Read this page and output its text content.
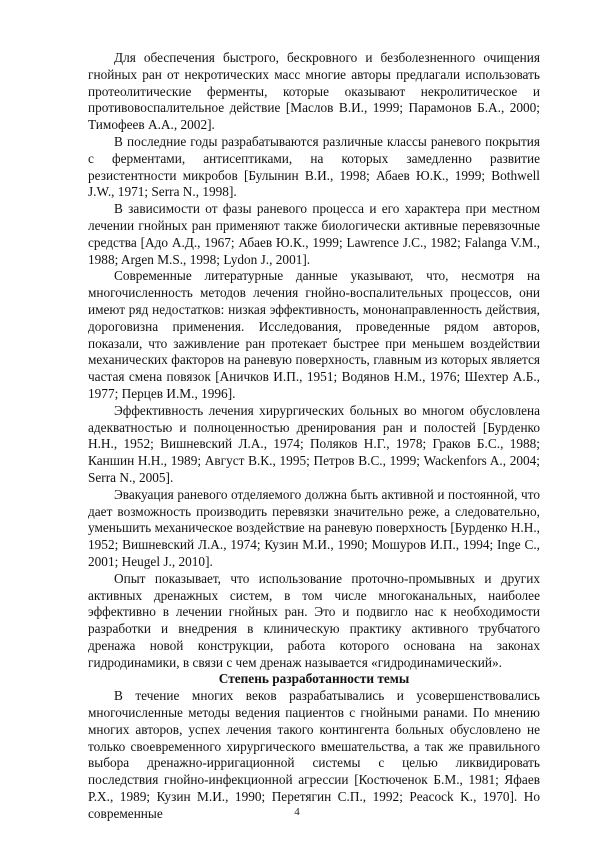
Для обеспечения быстрого, бескровного и безболезненного очищения гнойных ран от некротических масс многие авторы предлагали использовать протеолитические ферменты, которые оказывают некролитическое и противовоспалительное действие [Маслов В.И., 1999; Парамонов Б.А., 2000; Тимофеев А.А., 2002].

В последние годы разрабатываются различные классы раневого покрытия с ферментами, антисептиками, на которых замедленно развитие резистентности микробов [Булынин В.И., 1998; Абаев Ю.К., 1999; Bothwell J.W., 1971; Serra N., 1998].

В зависимости от фазы раневого процесса и его характера при местном лечении гнойных ран применяют также биологически активные перевязочные средства [Адо А.Д., 1967; Абаев Ю.К., 1999; Lawrence J.C., 1982; Falanga V.M., 1988; Argen M.S., 1998; Lydon J., 2001].

Современные литературные данные указывают, что, несмотря на многочисленность методов лечения гнойно-воспалительных процессов, они имеют ряд недостатков: низкая эффективность, мононаправленность действия, дороговизна применения. Исследования, проведенные рядом авторов, показали, что заживление ран протекает быстрее при меньшем воздействии механических факторов на раневую поверхность, главным из которых является частая смена повязок [Аничков И.П., 1951; Водянов Н.М., 1976; Шехтер А.Б., 1977; Перцев И.М., 1996].

Эффективность лечения хирургических больных во многом обусловлена адекватностью и полноценностью дренирования ран и полостей [Бурденко Н.Н., 1952; Вишневский Л.А., 1974; Поляков Н.Г., 1978; Граков Б.С., 1988; Каншин Н.Н., 1989; Август В.К., 1995; Петров В.С., 1999; Wackenfors A., 2004; Serra N., 2005].

Эвакуация раневого отделяемого должна быть активной и постоянной, что дает возможность производить перевязки значительно реже, а следовательно, уменьшить механическое воздействие на раневую поверхность [Бурденко Н.Н., 1952; Вишневский Л.А., 1974; Кузин М.И., 1990; Мошуров И.П., 1994; Inge C., 2001; Heugel J., 2010].

Опыт показывает, что использование проточно-промывных и других активных дренажных систем, в том числе многоканальных, наиболее эффективно в лечении гнойных ран. Это и подвигло нас к необходимости разработки и внедрения в клиническую практику активного трубчатого дренажа новой конструкции, работа которого основана на законах гидродинамики, в связи с чем дренаж называется «гидродинамический».

Степень разработанности темы

В течение многих веков разрабатывались и усовершенствовались многочисленные методы ведения пациентов с гнойными ранами. По мнению многих авторов, успех лечения такого контингента больных обусловлено не только своевременного хирургического вмешательства, а так же правильного выбора дренажно-ирригационной системы с целью ликвидировать последствия гнойно-инфекционной агрессии [Костюченок Б.М., 1981; Яфаев Р.Х., 1989; Кузин М.И., 1990; Перетягин С.П., 1992; Peacock K., 1970]. Но современные	4
